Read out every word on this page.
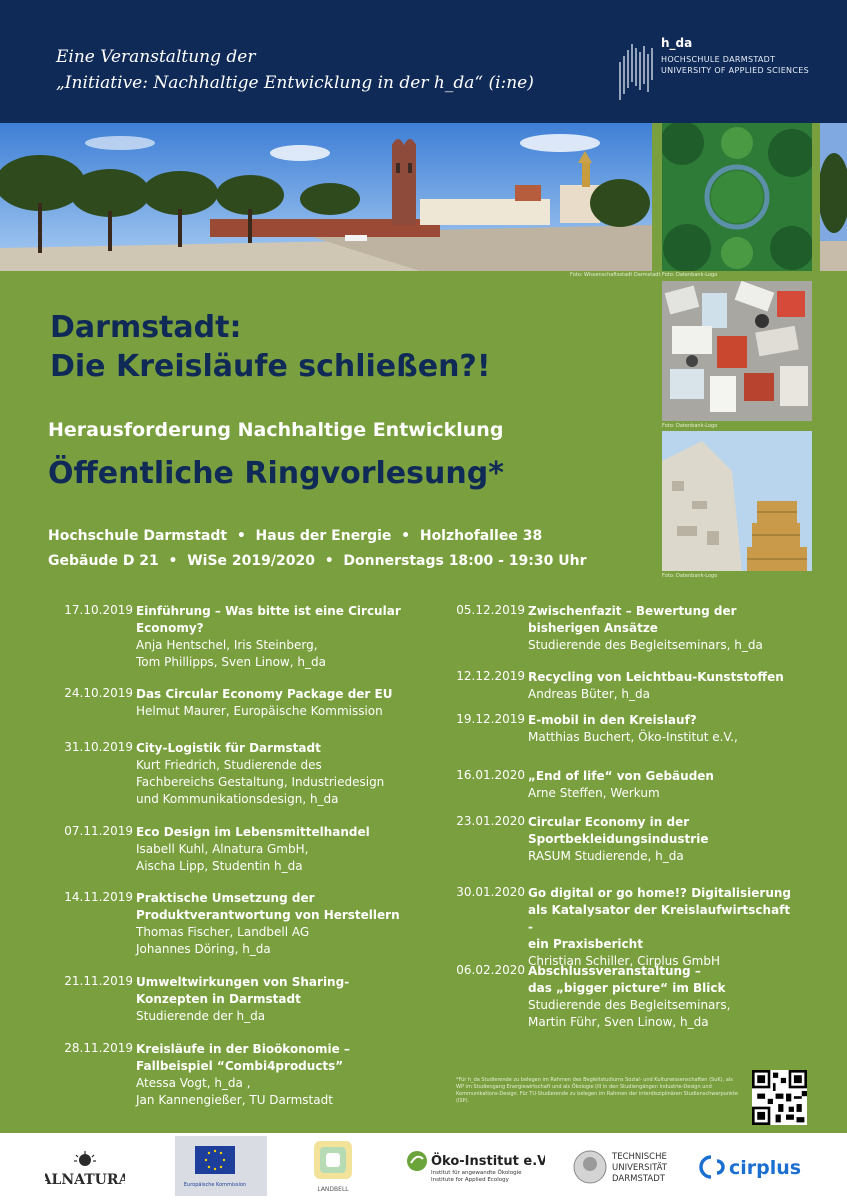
Eine Veranstaltung der
„Initiative: Nachhaltige Entwicklung in der h_da“ (i:ne)
h_da
HOCHSCHULE DARMSTADT
UNIVERSITY OF APPLIED SCIENCES
Foto: Datenbank-Logo
Foto: Wissenschaftsstadt Darmstadt
Foto: Datenbank-Logo
Foto: Datenbank-Logo
Darmstadt:
Die Kreisläufe schließen?!
Herausforderung Nachhaltige Entwicklung
Öffentliche Ringvorlesung*
Hochschule Darmstadt  •  Haus der Energie  •  Holzhofallee 38
Gebäude D 21  •  WiSe 2019/2020  •  Donnerstags 18:00 - 19:30 Uhr
17.10.2019 Einführung – Was bitte ist eine Circular
Economy?
Anja Hentschel, Iris Steinberg,
Tom Phillipps, Sven Linow, h_da
24.10.2019 Das Circular Economy Package der EU
Helmut Maurer, Europäische Kommission
31.10.2019 City-Logistik für Darmstadt
Kurt Friedrich, Studierende des
Fachbereichs Gestaltung, Industriedesign
und Kommunikationsdesign, h_da
07.11.2019 Eco Design im Lebensmittelhandel
Isabell Kuhl, Alnatura GmbH,
Aischa Lipp, Studentin h_da
14.11.2019 Praktische Umsetzung der
Produktverantwortung von Herstellern
Thomas Fischer, Landbell AG
Johannes Döring, h_da
21.11.2019 Umweltwirkungen von Sharing-
Konzepten in Darmstadt
Studierende der h_da
28.11.2019 Kreisläufe in der Bioökonomie –
Fallbeispiel “Combi4products”
Atessa Vogt, h_da ,
Jan Kannengießer, TU Darmstadt
05.12.2019 Zwischenfazit – Bewertung der
bisherigen Ansätze
Studierende des Begleitseminars, h_da
12.12.2019 Recycling von Leichtbau-Kunststoffen
Andreas Büter, h_da
19.12.2019 E-mobil in den Kreislauf?
Matthias Buchert, Öko-Institut e.V.,
16.01.2020 „End of life“ von Gebäuden
Arne Steffen, Werkum
23.01.2020 Circular Economy in der
Sportbekleidungsindustrie
RASUM Studierende, h_da
30.01.2020 Go digital or go home!? Digitalisierung
als Katalysator der Kreislaufwirtschaft -
ein Praxisbericht
Christian Schiller, Cirplus GmbH
06.02.2020 Abschlussveranstaltung –
das „bigger picture“ im Blick
Studierende des Begleitseminars,
Martin Führ, Sven Linow, h_da
*Für h_da Studierende zu belegen im Rahmen des Begleitstudiums Sozial- und Kulturwissenschaften (SuK), als WP im Studiengang Energiewirtschaft und als Ökologie I/II in den Studiengängen Industrie-Design und Kommunikations-Design. Für TU-Studierende zu belegen im Rahmen der interdisziplinären Studienschwerpunkte (ISP).
ALNATURA	Europäische Kommission
LANDBELL
Öko-Institut e.V.
Institut für angewandte Ökologie
Institute for Applied Ecology
TECHNISCHE
UNIVERSITÄT
DARMSTADT	cirplus
